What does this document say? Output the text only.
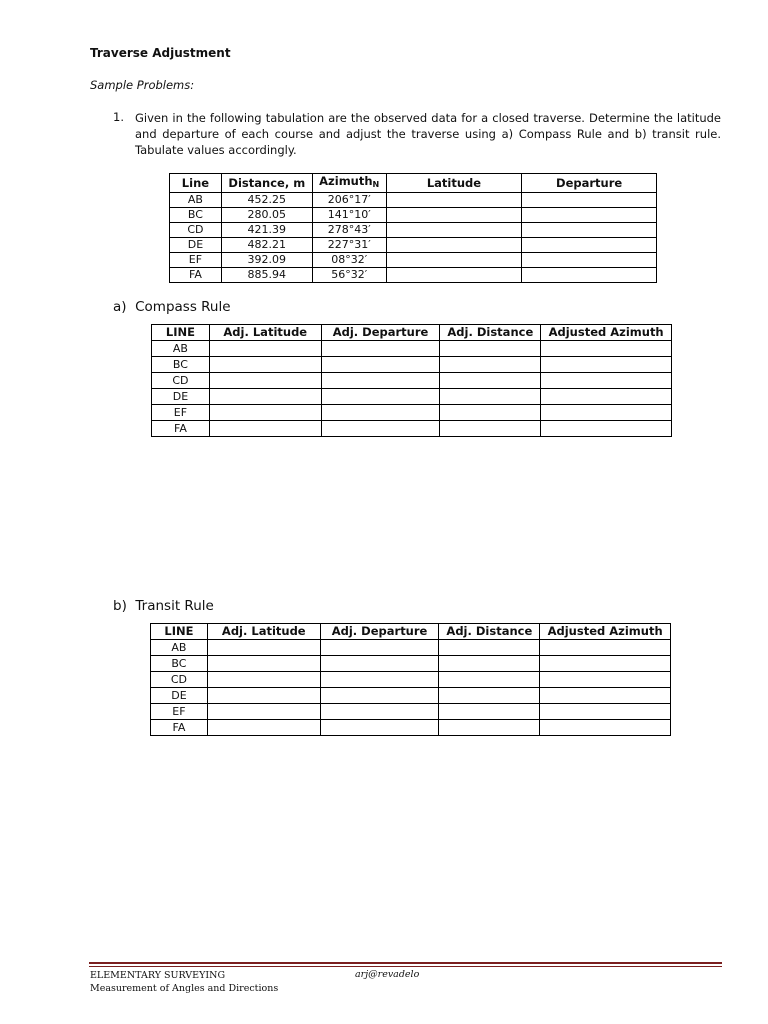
Traverse Adjustment
Sample Problems:
1. Given in the following tabulation are the observed data for a closed traverse. Determine the latitude and departure of each course and adjust the traverse using a) Compass Rule and b) transit rule. Tabulate values accordingly.
Line	Distance, m	Azimuth$_N$	Latitude	Departure
AB	452.25	206°17′		
BC	280.05	141°10′		
CD	421.39	278°43′		
DE	482.21	227°31′		
EF	392.09	08°32′		
FA	885.94	56°32′		
a)  Compass Rule
LINE	Adj. Latitude	Adj. Departure	Adj. Distance	Adjusted Azimuth
AB				
BC				
CD				
DE				
EF				
FA				
b)  Transit Rule
LINE	Adj. Latitude	Adj. Departure	Adj. Distance	Adjusted Azimuth
AB				
BC				
CD				
DE				
EF				
FA				
ELEMENTARY SURVEYING
Measurement of Angles and Directions
arj@revadelo
